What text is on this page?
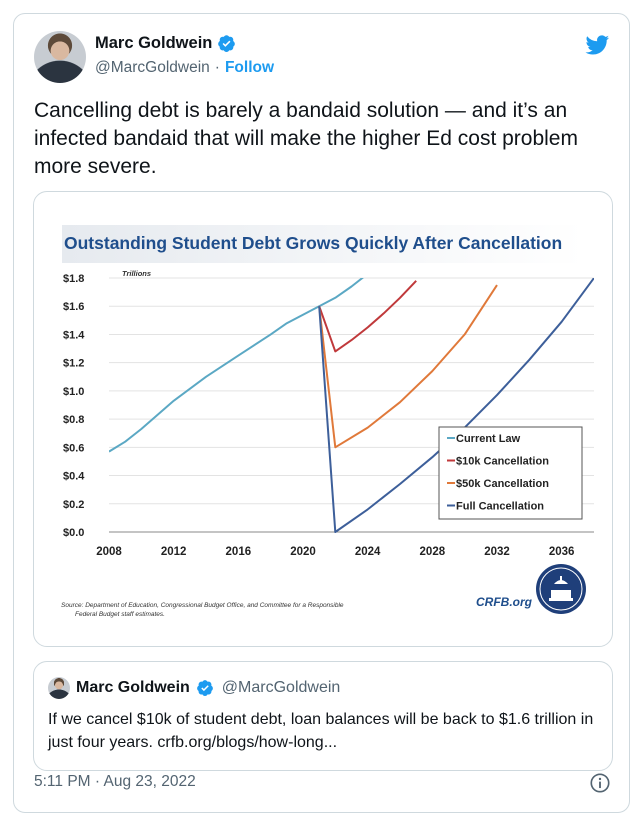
Marc Goldwein
@MarcGoldwein · Follow
Cancelling debt is barely a bandaid solution — and it’s an infected bandaid that will make the higher Ed cost problem more severe.
Outstanding Student Debt Grows Quickly After Cancellation
Trillions
$0.0
$0.2
$0.4
$0.6
$0.8
$1.0
$1.2
$1.4
$1.6
$1.8
2008	2012	2016	2020	2024	2028	2032	2036
Current Law
$10k Cancellation
$50k Cancellation
Full Cancellation
Source: Department of Education, Congressional Budget Office, and Committee for a Responsible
Federal Budget staff estimates.
CRFB.org
Marc Goldwein @MarcGoldwein
If we cancel $10k of student debt, loan balances will be back to $1.6 trillion in just four years. crfb.org/blogs/how-long...
5:11 PM · Aug 23, 2022
